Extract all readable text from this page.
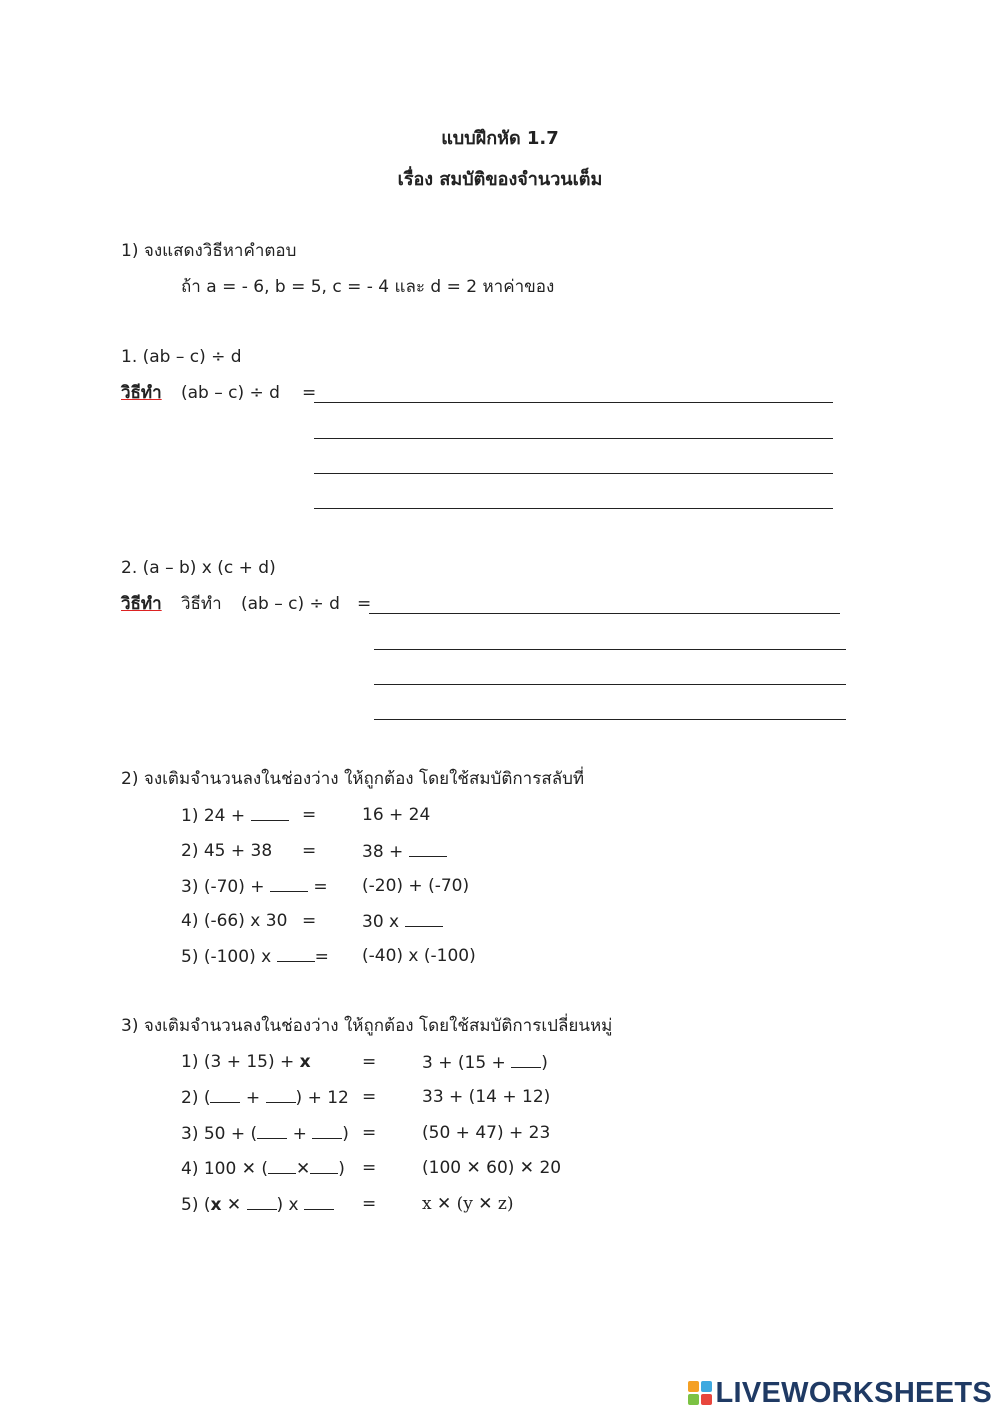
แบบฝึกหัด 1.7
เรื่อง สมบัติของจำนวนเต็ม
1) จงแสดงวิธีหาคำตอบ
ถ้า a = - 6, b = 5, c = - 4 และ d = 2 หาค่าของ
1. (ab – c) ÷ d
วิธีทำ (ab – c) ÷ d =
2. (a – b) x (c + d)
วิธีทำ วิธีทำ (ab – c) ÷ d =
2) จงเติมจำนวนลงในช่องว่าง ให้ถูกต้อง โดยใช้สมบัติการสลับที่
1) 24 +	=	16 + 24
2) 45 + 38 =	38 +
3) (-70) +  = (-20) + (-70)
4) (-66) x 30 =	30 x
5) (-100) x = (-40) x (-100)
3) จงเติมจำนวนลงในช่องว่าง ให้ถูกต้อง โดยใช้สมบัติการเปลี่ยนหมู่
1) (3 + 15) + x	=	3 + (15 + )
2) ( + ) + 12 =	33 + (14 + 12)
3) 50 + ( + ) =	(50 + 47) + 23
4) 100 ✕ ( ✕ ) =	(100 ✕ 60) ✕ 20
5) (x ✕ ) x	=	x ✕ (y ✕ z)
LIVEWORKSHEETS
